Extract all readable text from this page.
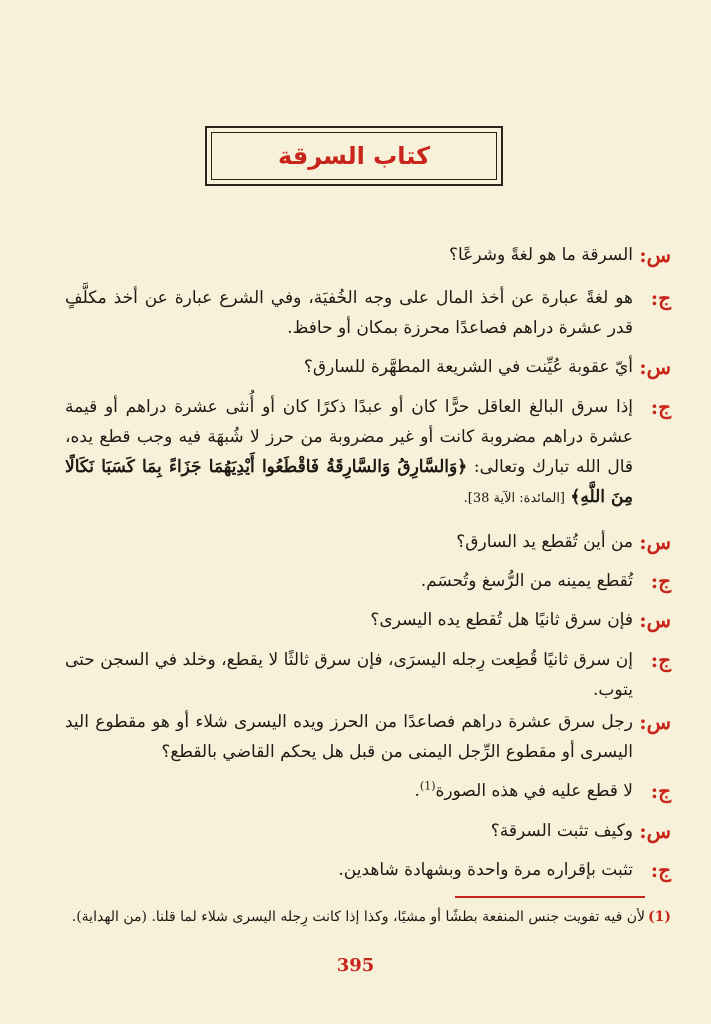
كتاب السرقة
س:
السرقة ما هو لغةً وشرعًا؟
ج:
هو لغةً عبارة عن أخذ المال على وجه الخُفيَة، وفي الشرع عبارة عن أخذ مكلَّفٍ قدر عشرة دراهم فصاعدًا محرزة بمكان أو حافظ.
س:
أيّ عقوبة عُيِّنت في الشريعة المطهَّرة للسارق؟
ج:
إذا سرق البالغ العاقل حرًّا كان أو عبدًا ذكرًا كان أو أُنثى عشرة دراهم أو قيمة عشرة دراهم مضروبة كانت أو غير مضروبة من حرز لا شُبهَة فيه وجب قطع يده، قال الله تبارك وتعالى: ﴿وَالسَّارِقُ وَالسَّارِقَةُ فَاقْطَعُوا أَيْدِيَهُمَا جَزَاءً بِمَا كَسَبَا نَكَالًا مِنَ اللَّهِ﴾ [المائدة: الآية 38].
س:
من أين تُقطع يد السارق؟
ج:
تُقطع يمينه من الرُّسغ وتُحسَم.
س:
فإن سرق ثانيًا هل تُقطع يده اليسرى؟
ج:
إن سرق ثانيًا قُطِعت رِجله اليسرَى، فإن سرق ثالثًا لا يقطع، وخلد في السجن حتى يتوب.
س:
رجل سرق عشرة دراهم فصاعدًا من الحرز ويده اليسرى شلاء أو هو مقطوع اليد اليسرى أو مقطوع الرِّجل اليمنى من قبل هل يحكم القاضي بالقطع؟
ج:
لا قطع عليه في هذه الصورة$^{(1)}$.
س:
وكيف تثبت السرقة؟
ج:
تثبت بإقراره مرة واحدة وبشهادة شاهدين.
(1)
لأن فيه تفويت جنس المنفعة بطشًا أو مشيًا، وكذا إذا كانت رِجله اليسرى شلاء لما قلنا. (من الهداية).
395
